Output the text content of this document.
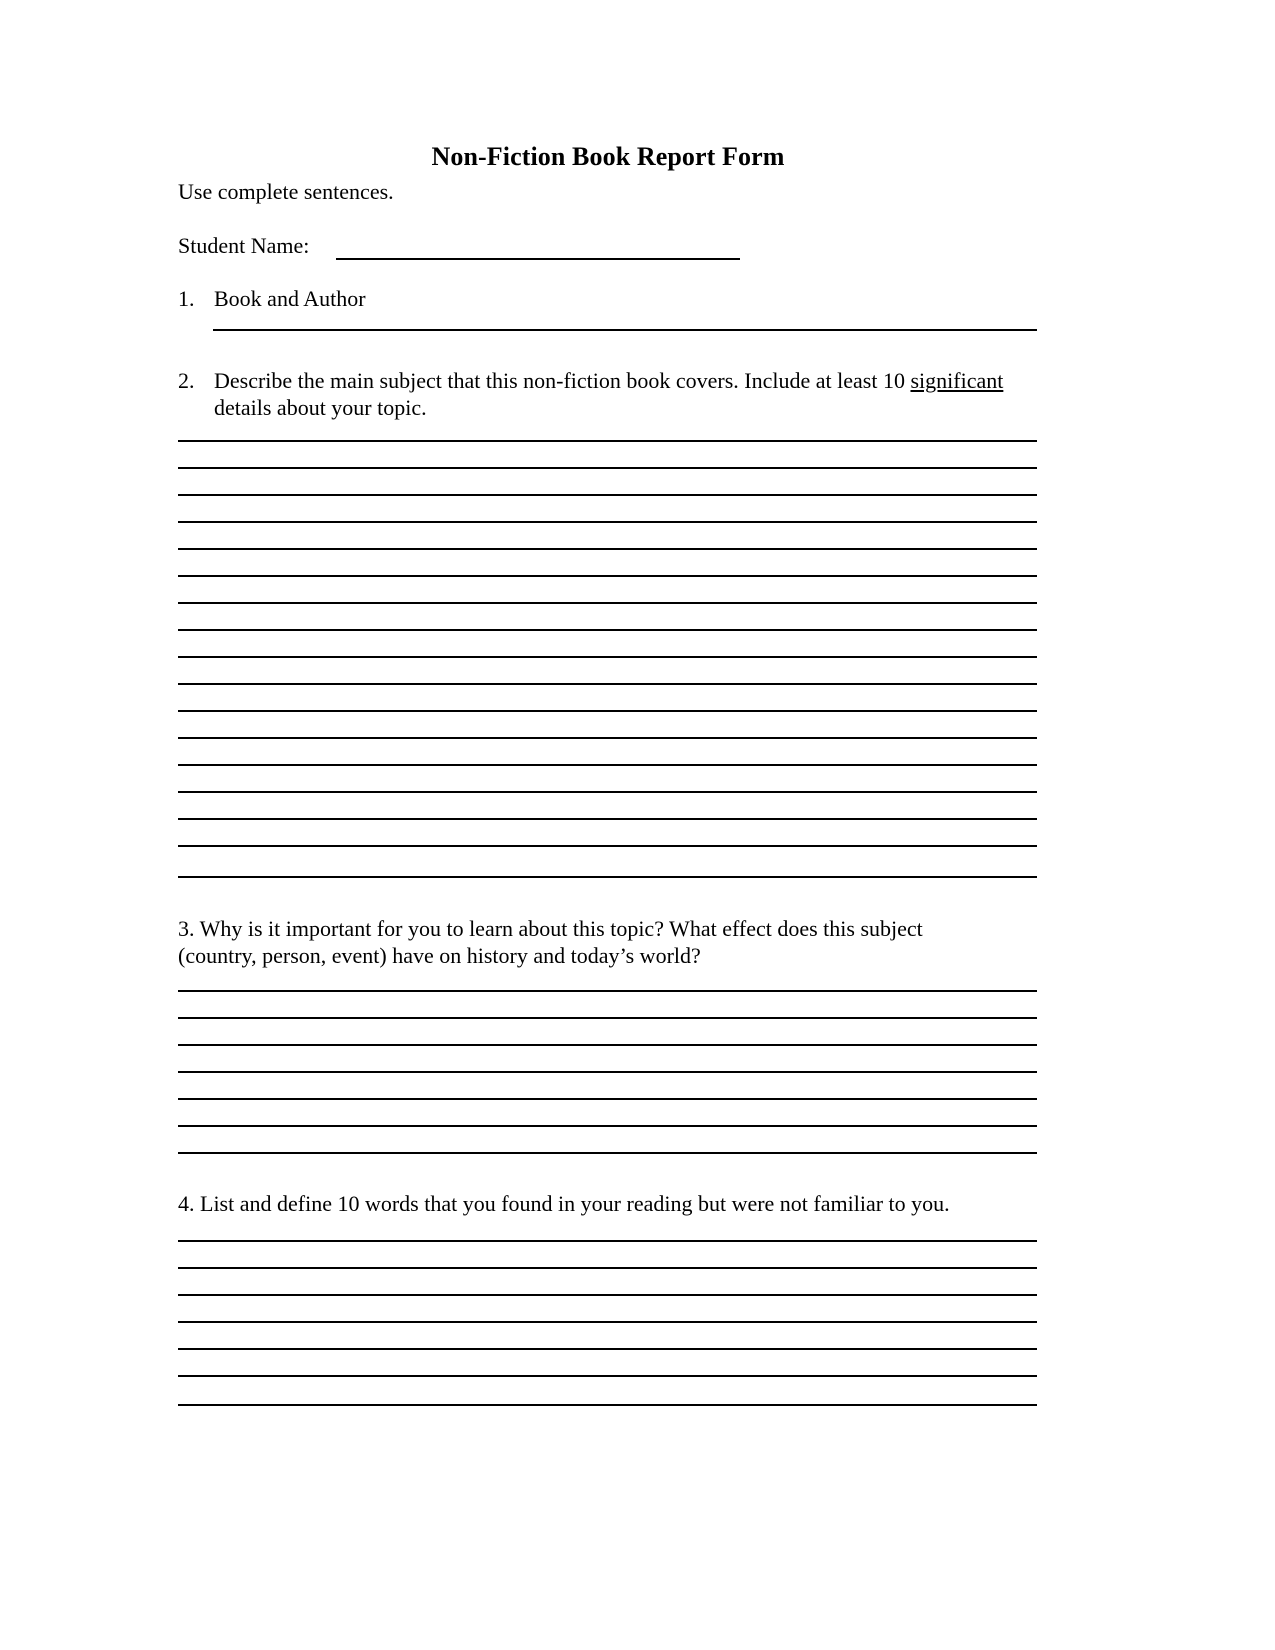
Non-Fiction Book Report Form
Use complete sentences.
Student Name:
1. Book and Author
2. Describe the main subject that this non-fiction book covers. Include at least 10 significant details about your topic.
3. Why is it important for you to learn about this topic? What effect does this subject
(country, person, event) have on history and today’s world?
4. List and define 10 words that you found in your reading but were not familiar to you.
